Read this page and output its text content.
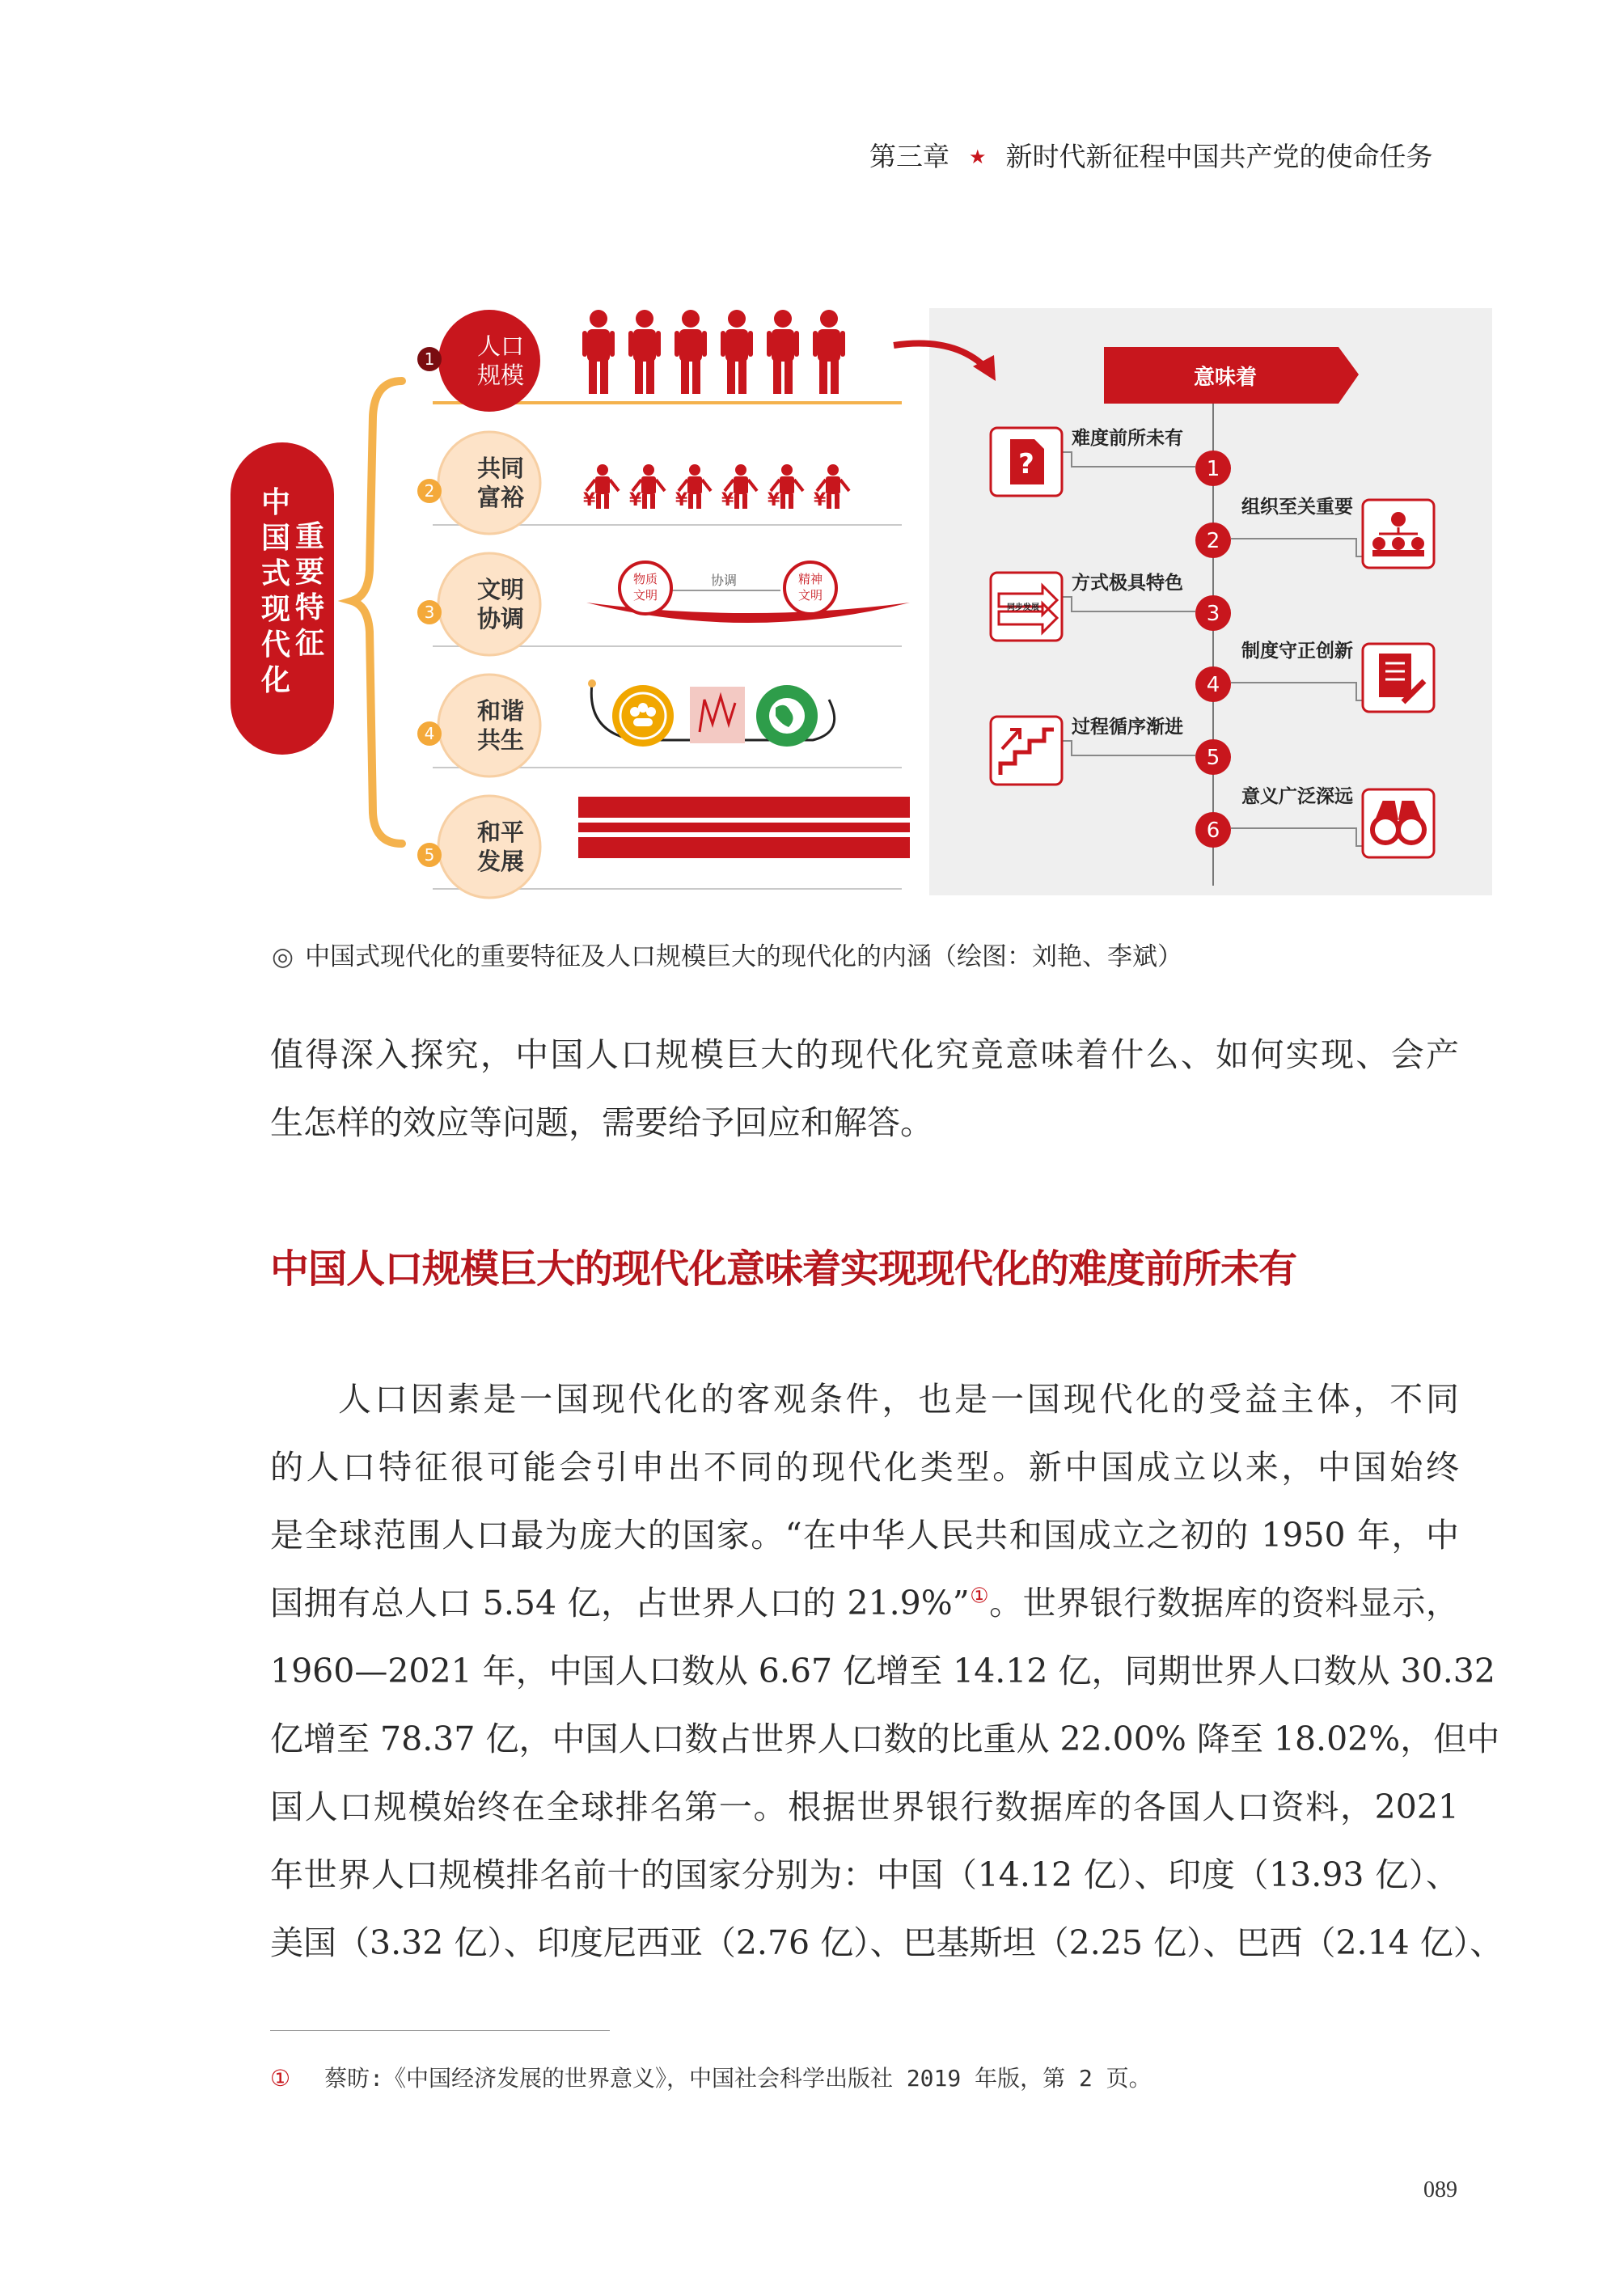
第三章 ★ 新时代新征程中国共产党的使命任务
¥
中国式现代化
重要特征
1 人口
规模
2
共同
富裕
3
文明
协调
4
和谐
共生
5
和平
发展
物质
文明
协调	精神
文明
意味着
1
难度前所未有
?
2
组织至关重要
3
方式极具特色
同步发展
4
制度守正创新
5
过程循序渐进
6
意义广泛深远
◎ 中国式现代化的重要特征及人口规模巨大的现代化的内涵（绘图：刘艳、李斌）
值得深入探究，中国人口规模巨大的现代化究竟意味着什么、如何实现、会产
生怎样的效应等问题，需要给予回应和解答。
中国人口规模巨大的现代化意味着实现现代化的难度前所未有
人口因素是一国现代化的客观条件，也是一国现代化的受益主体，不同
的人口特征很可能会引申出不同的现代化类型。新中国成立以来，中国始终
是全球范围人口最为庞大的国家。“在中华人民共和国成立之初的 1950 年，中
国拥有总人口 5.54 亿，占世界人口的 21.9%”①。世界银行数据库的资料显示，
1960—2021 年，中国人口数从 6.67 亿增至 14.12 亿，同期世界人口数从 30.32
亿增至 78.37 亿，中国人口数占世界人口数的比重从 22.00% 降至 18.02%，但中
国人口规模始终在全球排名第一。根据世界银行数据库的各国人口资料，2021
年世界人口规模排名前十的国家分别为：中国（14.12 亿）、印度（13.93 亿）、
美国（3.32 亿）、印度尼西亚（2.76 亿）、巴基斯坦（2.25 亿）、巴西（2.14 亿）、
① 蔡昉:《中国经济发展的世界意义》，中国社会科学出版社 2019 年版，第 2 页。
089
